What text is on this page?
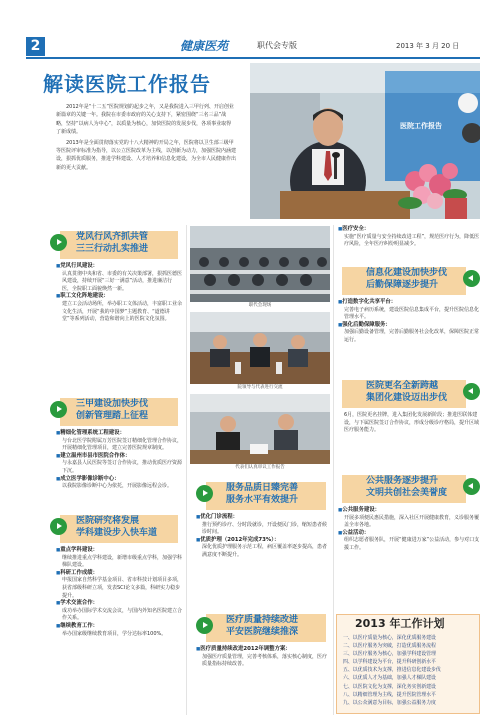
2	健康医苑	职代会专版	2013 年 3 月 20 日
解读医院工作报告

2012年是“十二五”医院规划的起步之年，又是我院进入三甲行列、开启创业新篇章的关键一年。我院在市委市政府的关心支持下，紧密围绕“三名三品”战略，坚持“以病人为中心”，以质量为核心，加快医院的发展步伐，各项事业取得了新成绩。

2013年是全面贯彻落实党的十八大精神的开局之年，医院将以卫生部三级甲等医院评审标准为指导，以公立医院改革为主线，以创新为动力，加强医院内涵建设，狠抓优质服务，推进学科建设、人才培养和信息化建设，为全市人民健康作出新的更大贡献。

医院工作报告
党风行风齐抓共管
三三行动扎实推进
■ 党风行风建设：
认真贯彻中央和省、市委的有关决策部署，狠抓医德医风建设，持续开展“三好一满意”活动，推进廉洁行医，全院职工面貌焕然一新。
■ 职工文化阵地建设：
建立工会活动场所，举办职工文体活动，丰富职工业余文化生活，开展“我的中国梦”主题教育、“道德讲堂”等系列活动，营造和谐向上的医院文化氛围。
三甲建设加快步伐
创新管理踏上征程
■ 精细化管理系统工程建设：
与台北医学院附属万芳医院签订精细化管理合作协议，开展精细化管理项目，建立完善医院规章制度。
■ 建立温州市县市医院合作体：
与永嘉县人民医院等签订合作协议，推动优质医疗资源下沉。
■ 成立医学影像诊断中心：
以我院影像诊断中心为依托，开展影像远程会诊。
医院研究将发展
学科建设步入快车道
■ 重点学科建设：
继续推进重点学科建设，新增市级重点学科，加强学科梯队建设。
■ 科研工作成绩：
申报国家自然科学基金项目、省市科技计划项目多项，获省部级科研立项，发表SCI论文多篇，科研实力稳步提升。
■ 学术交流合作：
成功举办国际学术交流会议，与国内外知名医院建立合作关系。
■ 继续教育工作：
举办国家级继续教育项目，学分达标率100%。
职代会现场
院领导与代表进行交流
代表们认真审议工作报告
服务品质日臻完善
服务水平有效提升
■ 优化门诊流程：
推行预约诊疗、分时段就诊，开设便民门诊，缩短患者候诊时间。
■ 优质护理（2012年完成73%）：
深化优质护理服务示范工程，病区覆盖率逐步提高，患者满意度不断提升。
医疗质量持续改进
平安医院继续推深
■ 医疗质量持续改进2012年调整方案：
加强医疗质量管理，完善考核体系，落实核心制度，医疗质量指标持续改善。
■ 医疗安全：
实施“医疗质量与安全持续改进工程”，规范医疗行为，降低医疗风险，全年医疗纠纷明显减少。
信息化建设加快步伐
后勤保障逐步提升
■ 打造数字化共享平台：
完善电子病历系统，建设医院信息集成平台，提升医院信息化管理水平。
■ 强化后勤保障服务：
加强后勤设备管理，完善后勤服务社会化改革，保障医院正常运行。
医院更名全新跨越
集团化建设迈出步伐
6月，医院更名挂牌，进入集团化发展新阶段；推进医联体建设，与下属医院签订合作协议，形成分级诊疗格局，提升区域医疗服务能力。
公共服务逐步提升
文明共创社会美誉度
■ 公共服务建设：
开展多项便民惠民措施，深入社区开展健康教育，义诊服务覆盖全市各地。
■ 公益活动：
组织志愿者服务队，开展“健康进万家”公益活动，参与对口支援工作。
2013 年工作计划
一、以医疗质量为核心，深化优质服务建设
二、以医疗服务为突破，打造优质服务流程
三、以医疗服务为核心，加强学科建设管理
四、以学科建设为平台，提升科研创新水平
五、以优质技术为支撑，推进信息化建设步伐
六、以优质人才为基础，加强人才梯队建设
七、以医院文化为支撑，深化务实创新建设
八、以精细管理为主线，提升医院管理水平
九、以公众满意为目标，加强公益服务力度
